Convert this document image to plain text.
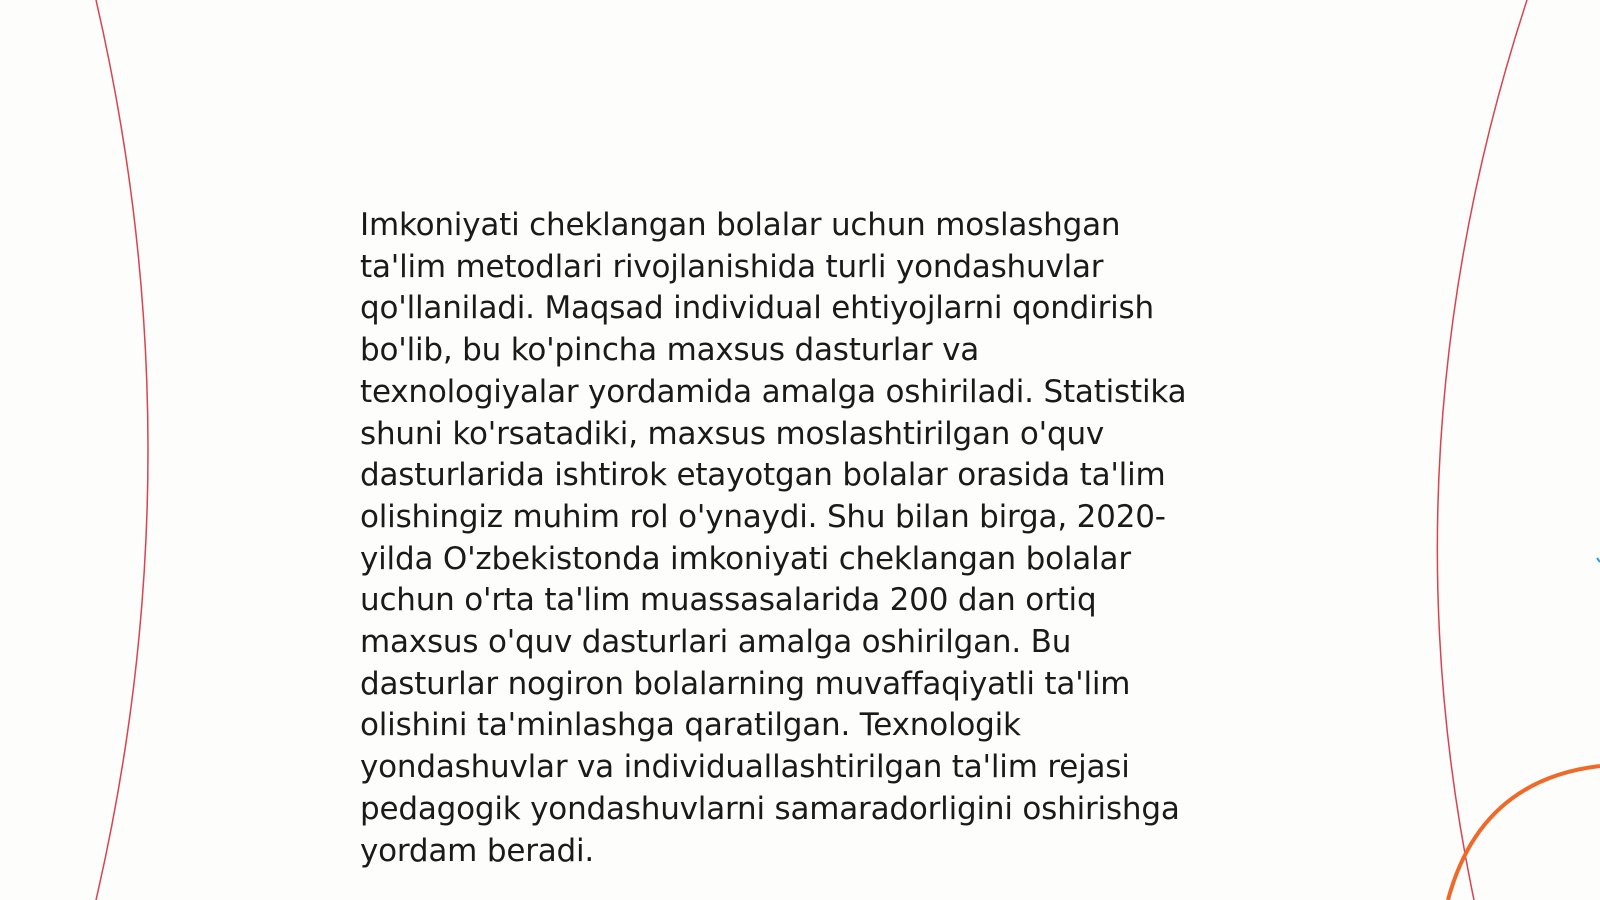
Imkoniyati cheklangan bolalar uchun moslashgan
ta'lim metodlari rivojlanishida turli yondashuvlar
qo'llaniladi. Maqsad individual ehtiyojlarni qondirish
bo'lib, bu ko'pincha maxsus dasturlar va
texnologiyalar yordamida amalga oshiriladi. Statistika
shuni ko'rsatadiki, maxsus moslashtirilgan o'quv
dasturlarida ishtirok etayotgan bolalar orasida ta'lim
olishingiz muhim rol o'ynaydi. Shu bilan birga, 2020-
yilda O'zbekistonda imkoniyati cheklangan bolalar
uchun o'rta ta'lim muassasalarida 200 dan ortiq
maxsus o'quv dasturlari amalga oshirilgan. Bu
dasturlar nogiron bolalarning muvaffaqiyatli ta'lim
olishini ta'minlashga qaratilgan. Texnologik
yondashuvlar va individuallashtirilgan ta'lim rejasi
pedagogik yondashuvlarni samaradorligini oshirishga
yordam beradi.
